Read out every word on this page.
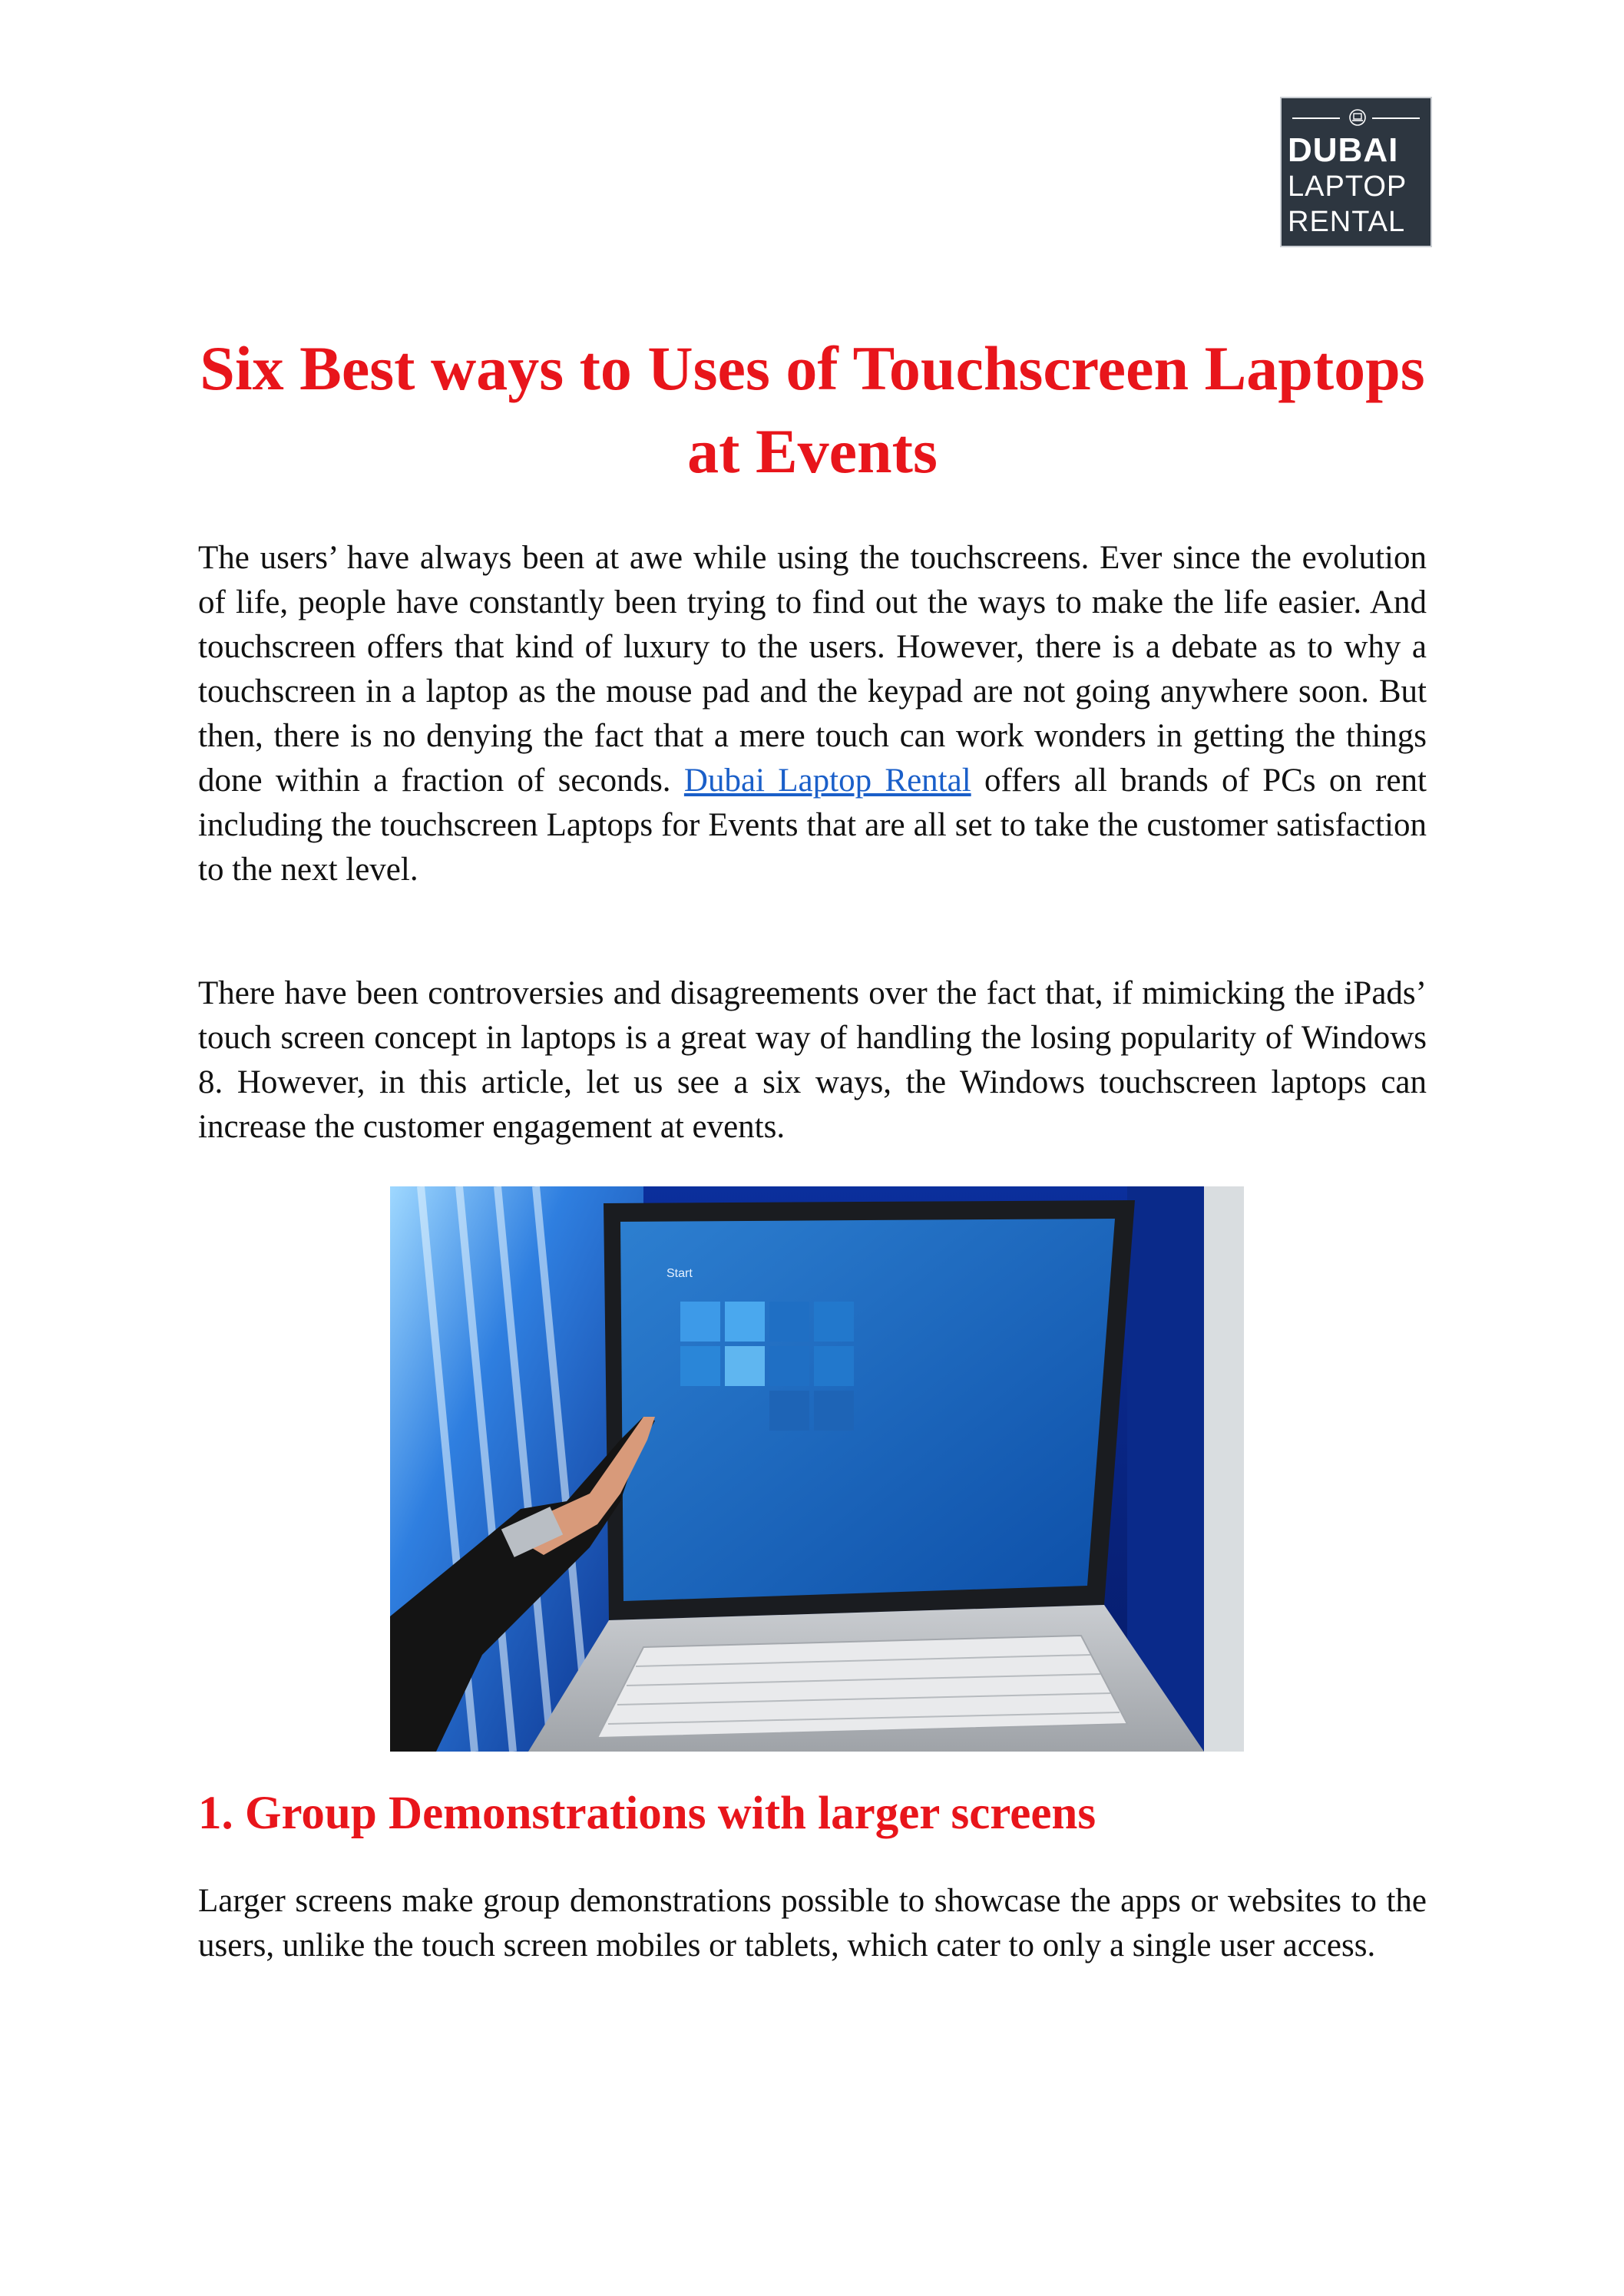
DUBAI
LAPTOP
RENTAL
Six Best ways to Uses of Touchscreen Laptops at Events

The users’ have always been at awe while using the touchscreens. Ever since the evolution of life, people have constantly been trying to find out the ways to make the life easier. And touchscreen offers that kind of luxury to the users. However, there is a debate as to why a touchscreen in a laptop as the mouse pad and the keypad are not going anywhere soon. But then, there is no denying the fact that a mere touch can work wonders in getting the things done within a fraction of seconds. Dubai Laptop Rental offers all brands of PCs on rent including the touchscreen Laptops for Events that are all set to take the customer satisfaction to the next level.

There have been controversies and disagreements over the fact that, if mimicking the iPads’ touch screen concept in laptops is a great way of handling the losing popularity of Windows 8. However, in this article, let us see a six ways, the Windows touchscreen laptops can increase the customer engagement at events.

Start
1. Group Demonstrations with larger screens

Larger screens make group demonstrations possible to showcase the apps or websites to the users, unlike the touch screen mobiles or tablets, which cater to only a single user access.
